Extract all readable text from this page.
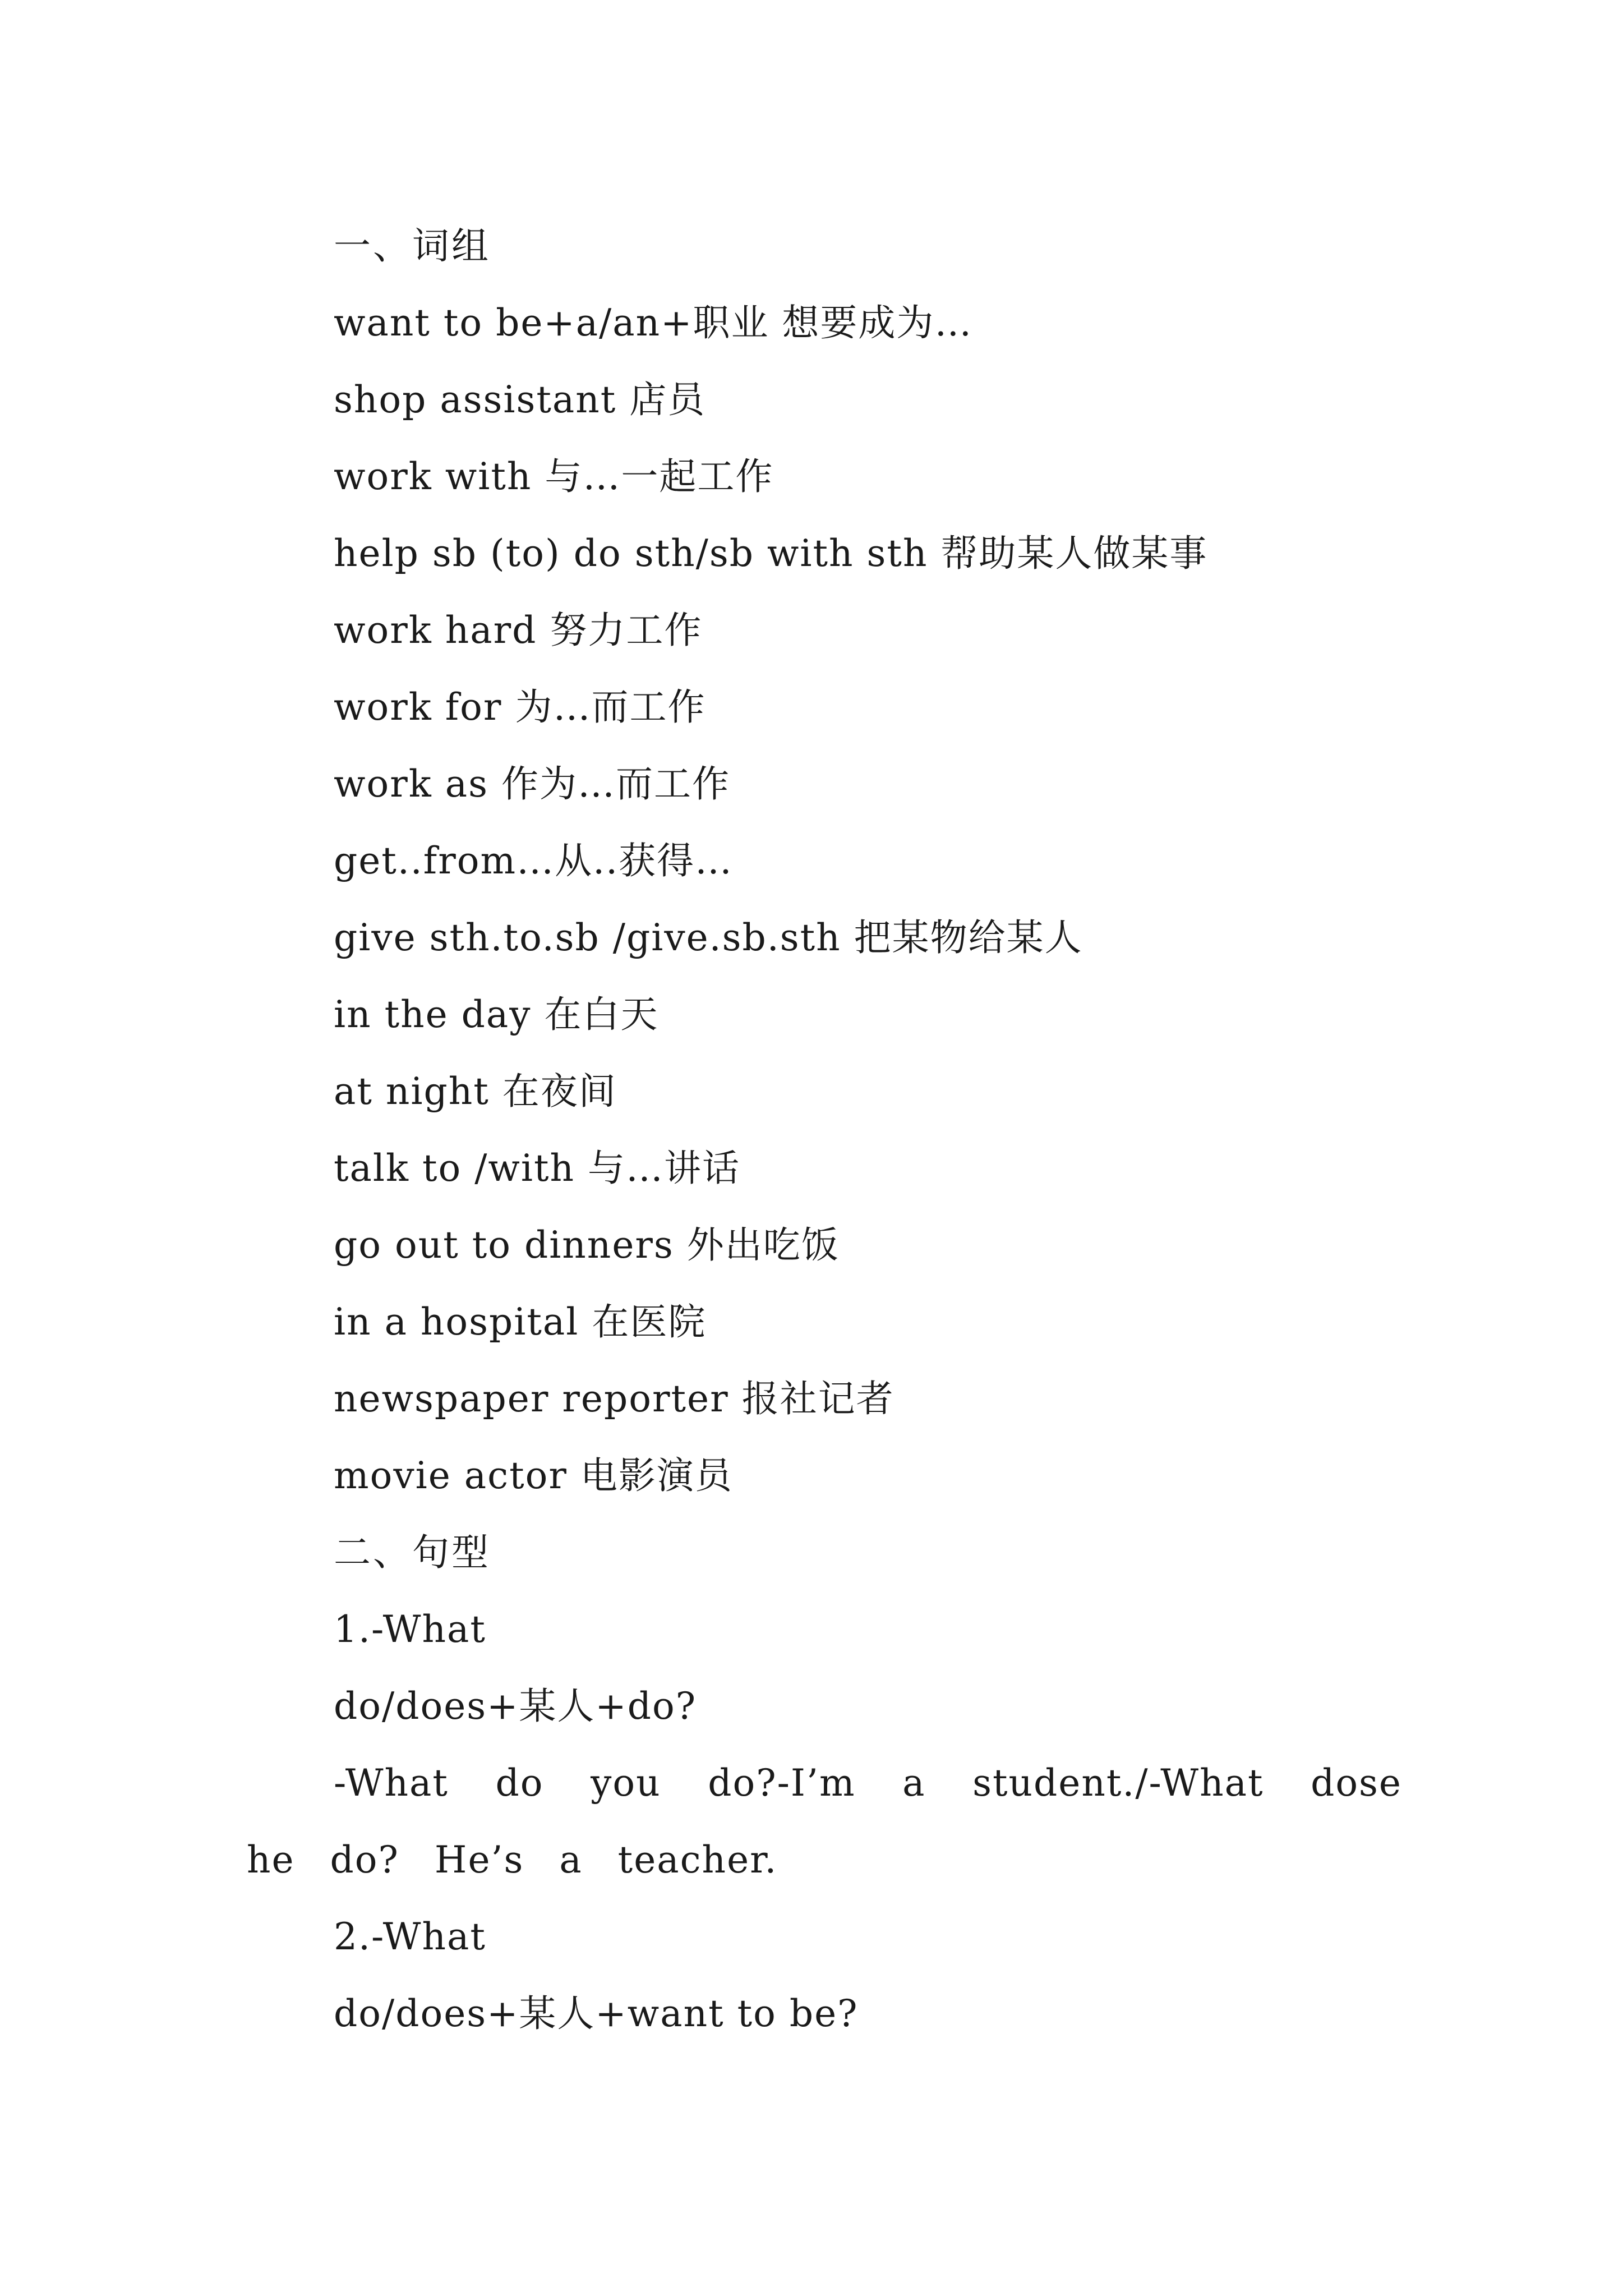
一、词组
want to be+a/an+职业 想要成为…
shop assistant 店员
work with 与…一起工作
help sb (to) do sth/sb with sth 帮助某人做某事
work hard 努力工作
work for 为…而工作
work as 作为…而工作
get..from…从..获得…
give sth.to.sb /give.sb.sth 把某物给某人
in the day 在白天
at night 在夜间
talk to /with 与…讲话
go out to dinners 外出吃饭
in a hospital 在医院
newspaper reporter 报社记者
movie actor 电影演员
二、句型
1.-What
do/does+某人+do?
-What do you do?-I’m a student./-What dose he do? He’s a teacher.
2.-What
do/does+某人+want to be?
